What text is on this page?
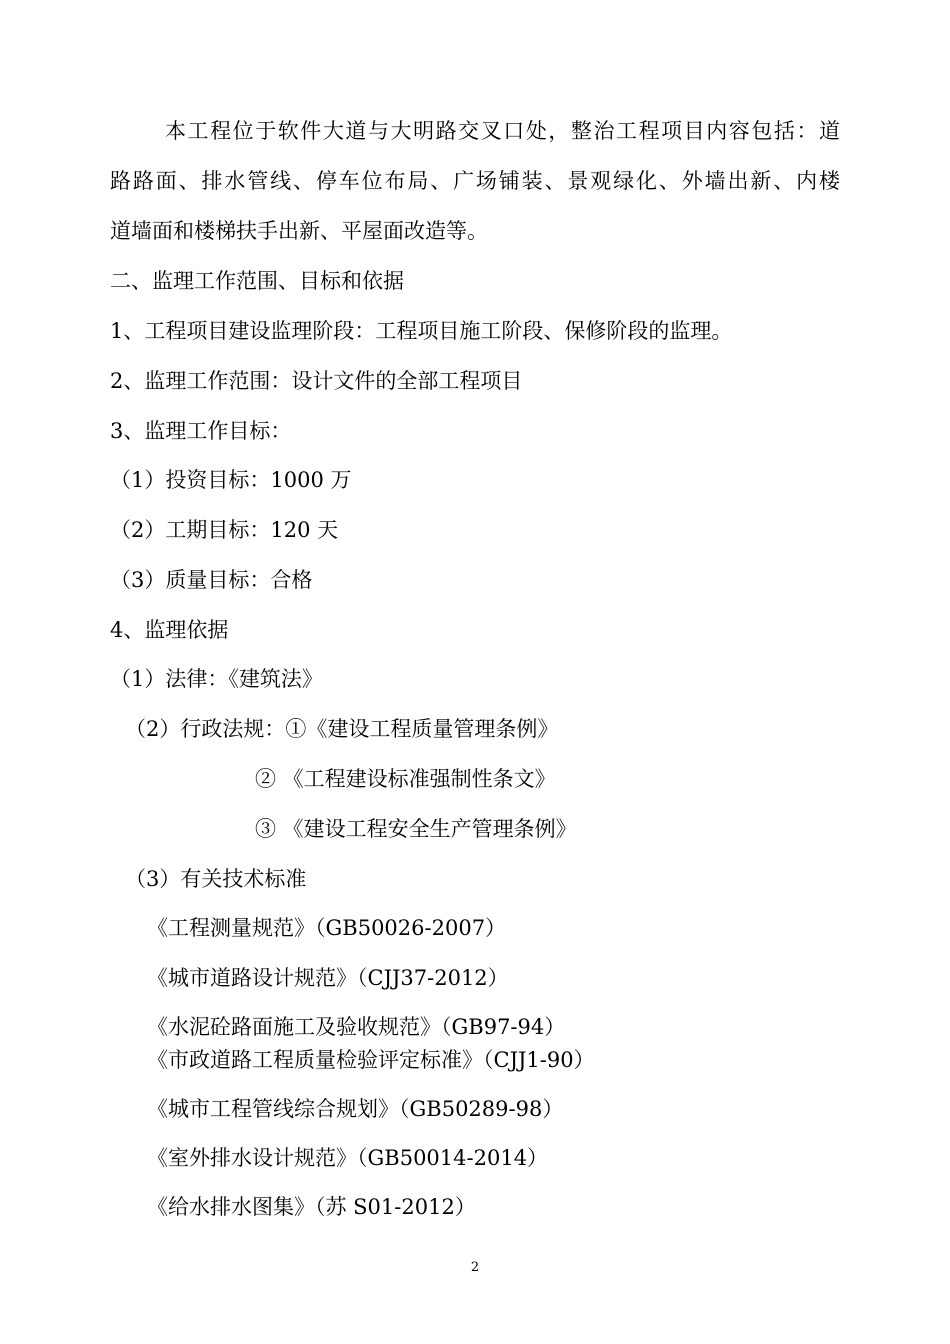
本工程位于软件大道与大明路交叉口处，整治工程项目内容包括：道
路路面、排水管线、停车位布局、广场铺装、景观绿化、外墙出新、内楼
道墙面和楼梯扶手出新、平屋面改造等。
二、监理工作范围、目标和依据
1、工程项目建设监理阶段：工程项目施工阶段、保修阶段的监理。
2、监理工作范围：设计文件的全部工程项目
3、监理工作目标：
（1）投资目标：1000 万
（2）工期目标：120 天
（3）质量目标：合格
4、监理依据
（1）法律：《建筑法》
（2）行政法规：①《建设工程质量管理条例》
② 《工程建设标准强制性条文》
③ 《建设工程安全生产管理条例》
（3）有关技术标准
《工程测量规范》（GB50026-2007）
《城市道路设计规范》（CJJ37-2012）
《水泥砼路面施工及验收规范》（GB97-94）
《市政道路工程质量检验评定标准》（CJJ1-90）
《城市工程管线综合规划》（GB50289-98）
《室外排水设计规范》（GB50014-2014）
《给水排水图集》（苏 S01-2012）
2
